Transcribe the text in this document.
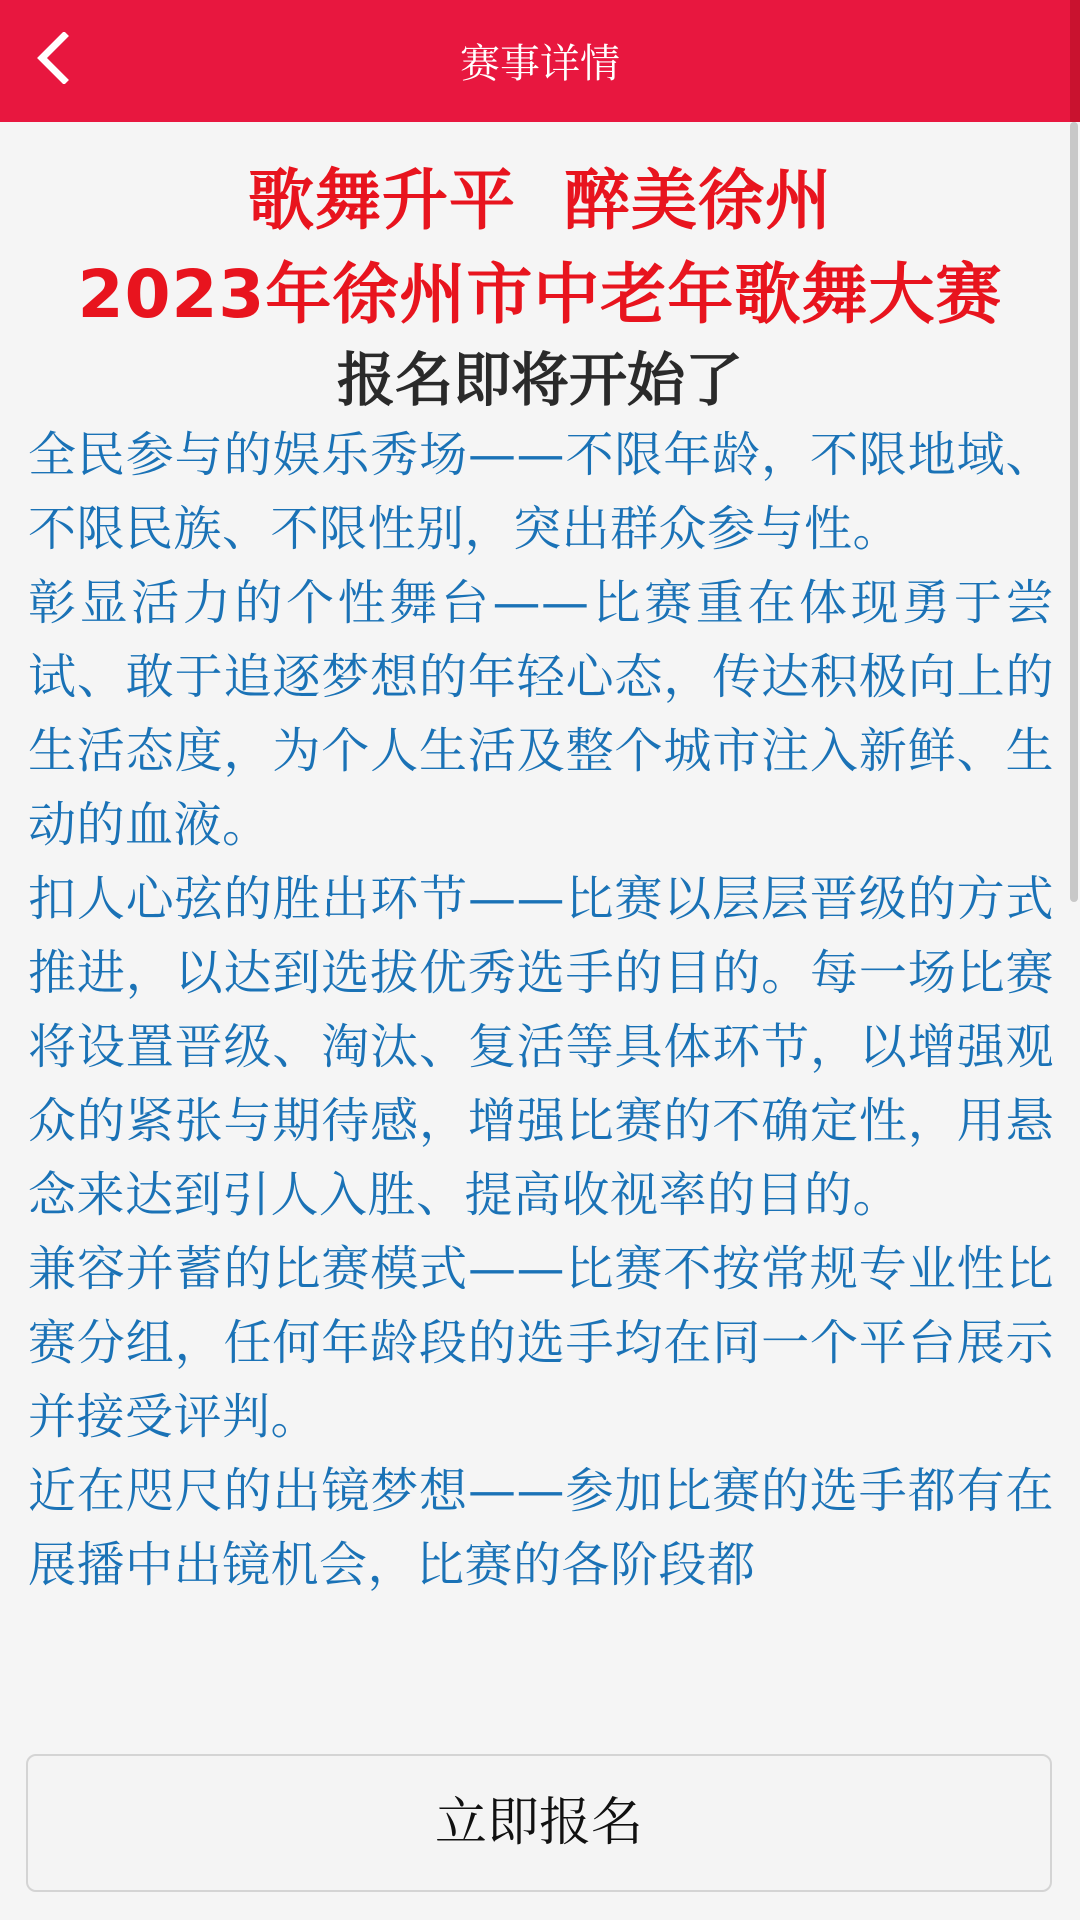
赛事详情
歌舞升平  醉美徐州
2023年徐州市中老年歌舞大赛
报名即将开始了

全民参与的娱乐秀场——不限年龄，不限地域、不限民族、不限性别，突出群众参与性。

彰显活力的个性舞台——比赛重在体现勇于尝试、敢于追逐梦想的年轻心态，传达积极向上的生活态度，为个人生活及整个城市注入新鲜、生动的血液。

扣人心弦的胜出环节——比赛以层层晋级的方式推进，以达到选拔优秀选手的目的。每一场比赛将设置晋级、淘汰、复活等具体环节，以增强观众的紧张与期待感，增强比赛的不确定性，用悬念来达到引人入胜、提高收视率的目的。

兼容并蓄的比赛模式——比赛不按常规专业性比赛分组，任何年龄段的选手均在同一个平台展示并接受评判。

近在咫尺的出镜梦想——参加比赛的选手都有在展播中出镜机会，比赛的各阶段都

立即报名
